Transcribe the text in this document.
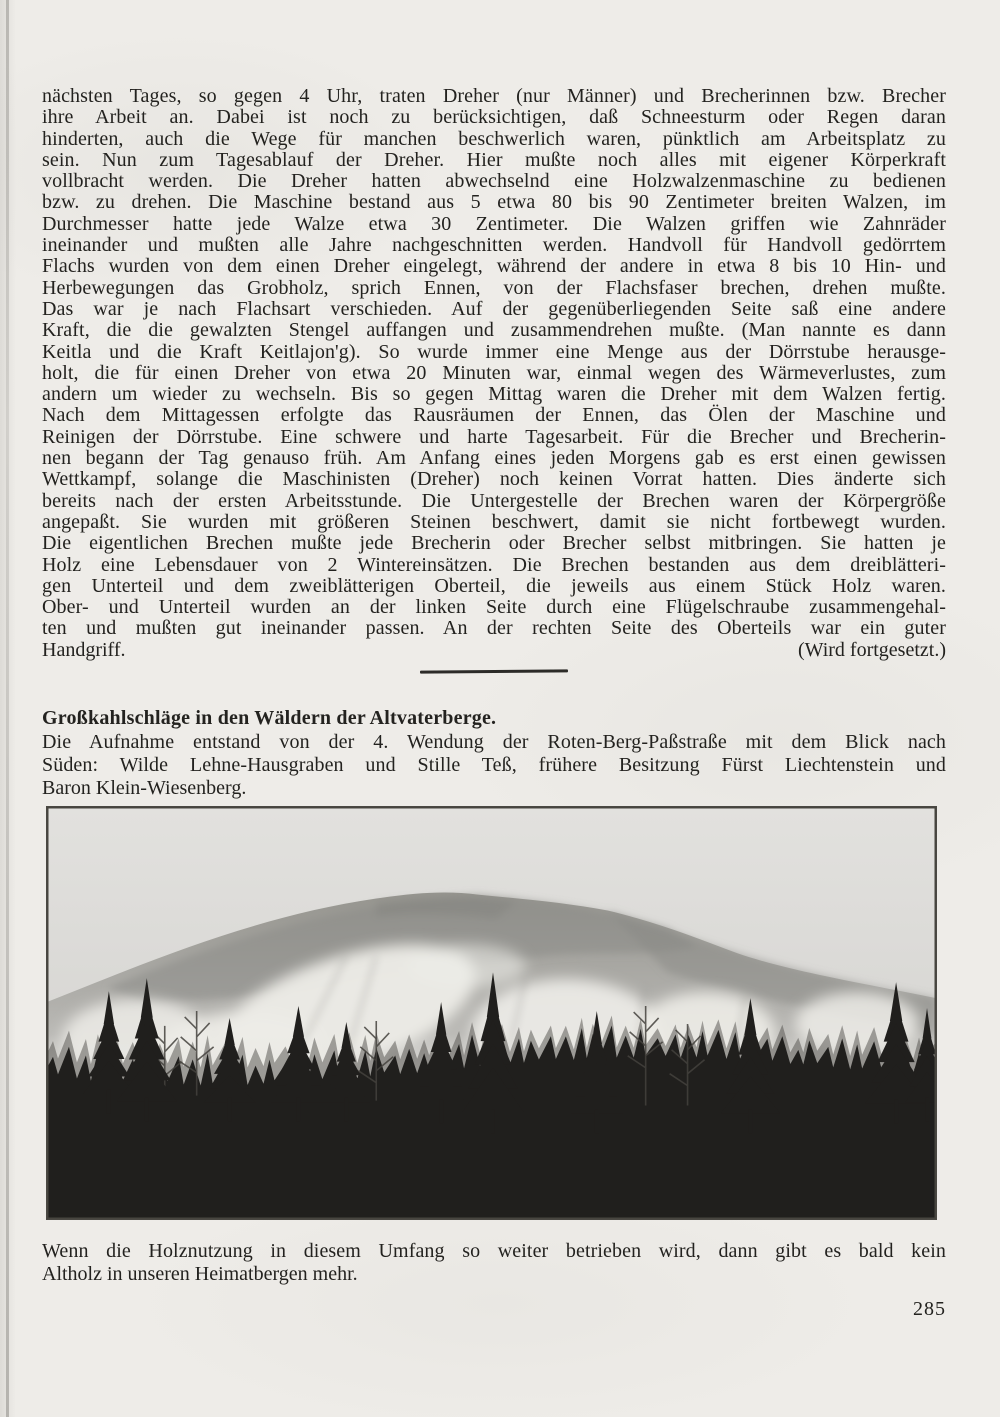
nächsten Tages, so gegen 4 Uhr, traten Dreher (nur Männer) und Brecherinnen bzw. Brecher
ihre Arbeit an. Dabei ist noch zu berücksichtigen, daß Schneesturm oder Regen daran
hinderten, auch die Wege für manchen beschwerlich waren, pünktlich am Arbeitsplatz zu
sein. Nun zum Tagesablauf der Dreher. Hier mußte noch alles mit eigener Körperkraft
vollbracht werden. Die Dreher hatten abwechselnd eine Holzwalzenmaschine zu bedienen
bzw. zu drehen. Die Maschine bestand aus 5 etwa 80 bis 90 Zentimeter breiten Walzen, im
Durchmesser hatte jede Walze etwa 30 Zentimeter. Die Walzen griffen wie Zahnräder
ineinander und mußten alle Jahre nachgeschnitten werden. Handvoll für Handvoll gedörrtem
Flachs wurden von dem einen Dreher eingelegt, während der andere in etwa 8 bis 10 Hin- und
Herbewegungen das Grobholz, sprich Ennen, von der Flachsfaser brechen, drehen mußte.
Das war je nach Flachsart verschieden. Auf der gegenüberliegenden Seite saß eine andere
Kraft, die die gewalzten Stengel auffangen und zusammendrehen mußte. (Man nannte es dann
Keitla und die Kraft Keitlajon'g). So wurde immer eine Menge aus der Dörrstube herausge-
holt, die für einen Dreher von etwa 20 Minuten war, einmal wegen des Wärmeverlustes, zum
andern um wieder zu wechseln. Bis so gegen Mittag waren die Dreher mit dem Walzen fertig.
Nach dem Mittagessen erfolgte das Rausräumen der Ennen, das Ölen der Maschine und
Reinigen der Dörrstube. Eine schwere und harte Tagesarbeit. Für die Brecher und Brecherin-
nen begann der Tag genauso früh. Am Anfang eines jeden Morgens gab es erst einen gewissen
Wettkampf, solange die Maschinisten (Dreher) noch keinen Vorrat hatten. Dies änderte sich
bereits nach der ersten Arbeitsstunde. Die Untergestelle der Brechen waren der Körpergröße
angepaßt. Sie wurden mit größeren Steinen beschwert, damit sie nicht fortbewegt wurden.
Die eigentlichen Brechen mußte jede Brecherin oder Brecher selbst mitbringen. Sie hatten je
Holz eine Lebensdauer von 2 Wintereinsätzen. Die Brechen bestanden aus dem dreiblätteri-
gen Unterteil und dem zweiblätterigen Oberteil, die jeweils aus einem Stück Holz waren.
Ober- und Unterteil wurden an der linken Seite durch eine Flügelschraube zusammengehal-
ten und mußten gut ineinander passen. An der rechten Seite des Oberteils war ein guter
Handgriff.	(Wird fortgesetzt.)
Großkahlschläge in den Wäldern der Altvaterberge.
Die Aufnahme entstand von der 4. Wendung der Roten-Berg-Paßstraße mit dem Blick nach
Süden: Wilde Lehne-Hausgraben und Stille Teß, frühere Besitzung Fürst Liechtenstein und
Baron Klein-Wiesenberg.
Wenn die Holznutzung in diesem Umfang so weiter betrieben wird, dann gibt es bald kein
Altholz in unseren Heimatbergen mehr.
285
